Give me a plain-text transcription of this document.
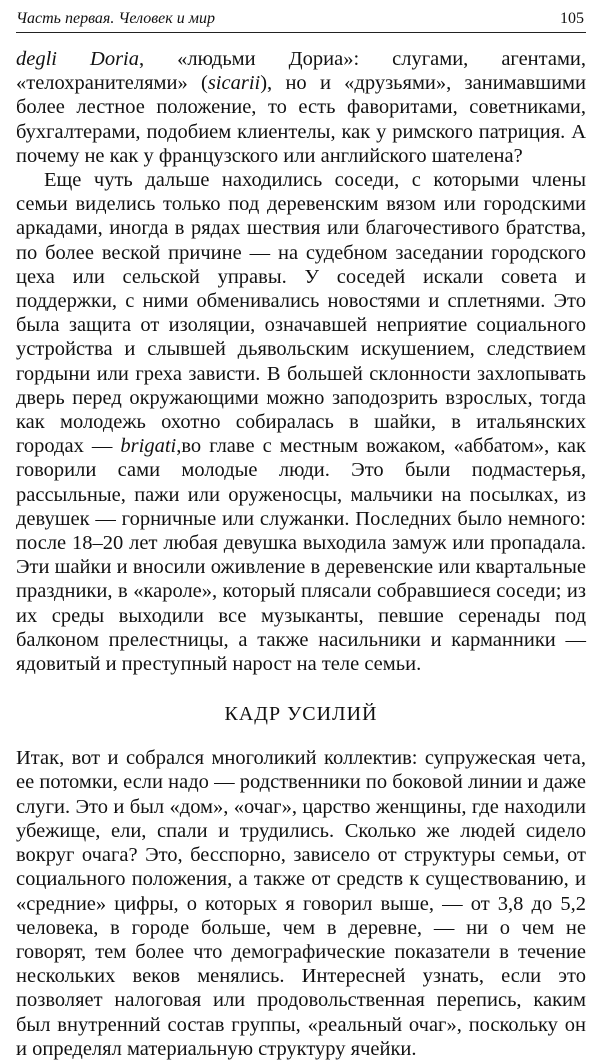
Часть первая. Человек и мир	105

degli Doria, «людьми Дориа»: слугами, агентами, «телохранителями» (sicarii), но и «друзьями», занимавшими более лестное положение, то есть фаворитами, советниками, бухгалтерами, подобием клиентелы, как у римского патриция. А почему не как у французского или английского шателена?

Еще чуть дальше находились соседи, с которыми члены семьи виделись только под деревенским вязом или городскими аркадами, иногда в рядах шествия или благочестивого братства, по более веской причине — на судебном заседании городского цеха или сельской управы. У соседей искали совета и поддержки, с ними обменивались новостями и сплетнями. Это была защита от изоляции, означавшей неприятие социального устройства и слывшей дьявольским искушением, следствием гордыни или греха зависти. В большей склонности захлопывать дверь перед окружающими можно заподозрить взрослых, тогда как молодежь охотно собиралась в шайки, в итальянских городах — brigati,во главе с местным вожаком, «аббатом», как говорили сами молодые люди. Это были подмастерья, рассыльные, пажи или оруженосцы, мальчики на посылках, из девушек — горничные или служанки. Последних было немного: после 18–20 лет любая девушка выходила замуж или пропадала. Эти шайки и вносили оживление в деревенские или квартальные праздники, в «кароле», который плясали собравшиеся соседи; из их среды выходили все музыканты, певшие серенады под балконом прелестницы, а также насильники и карманники — ядовитый и преступный нарост на теле семьи.

КАДР УСИЛИЙ

Итак, вот и собрался многоликий коллектив: супружеская чета, ее потомки, если надо — родственники по боковой линии и даже слуги. Это и был «дом», «очаг», царство женщины, где находили убежище, ели, спали и трудились. Сколько же людей сидело вокруг очага? Это, бесспорно, зависело от структуры семьи, от социального положения, а также от средств к существованию, и «средние» цифры, о которых я говорил выше, — от 3,8 до 5,2 человека, в городе больше, чем в деревне, — ни о чем не говорят, тем более что демографические показатели в течение нескольких веков менялись. Интересней узнать, если это позволяет налоговая или продовольственная перепись, каким был внутренний состав группы, «реальный очаг», поскольку он и определял материальную структуру ячейки.
